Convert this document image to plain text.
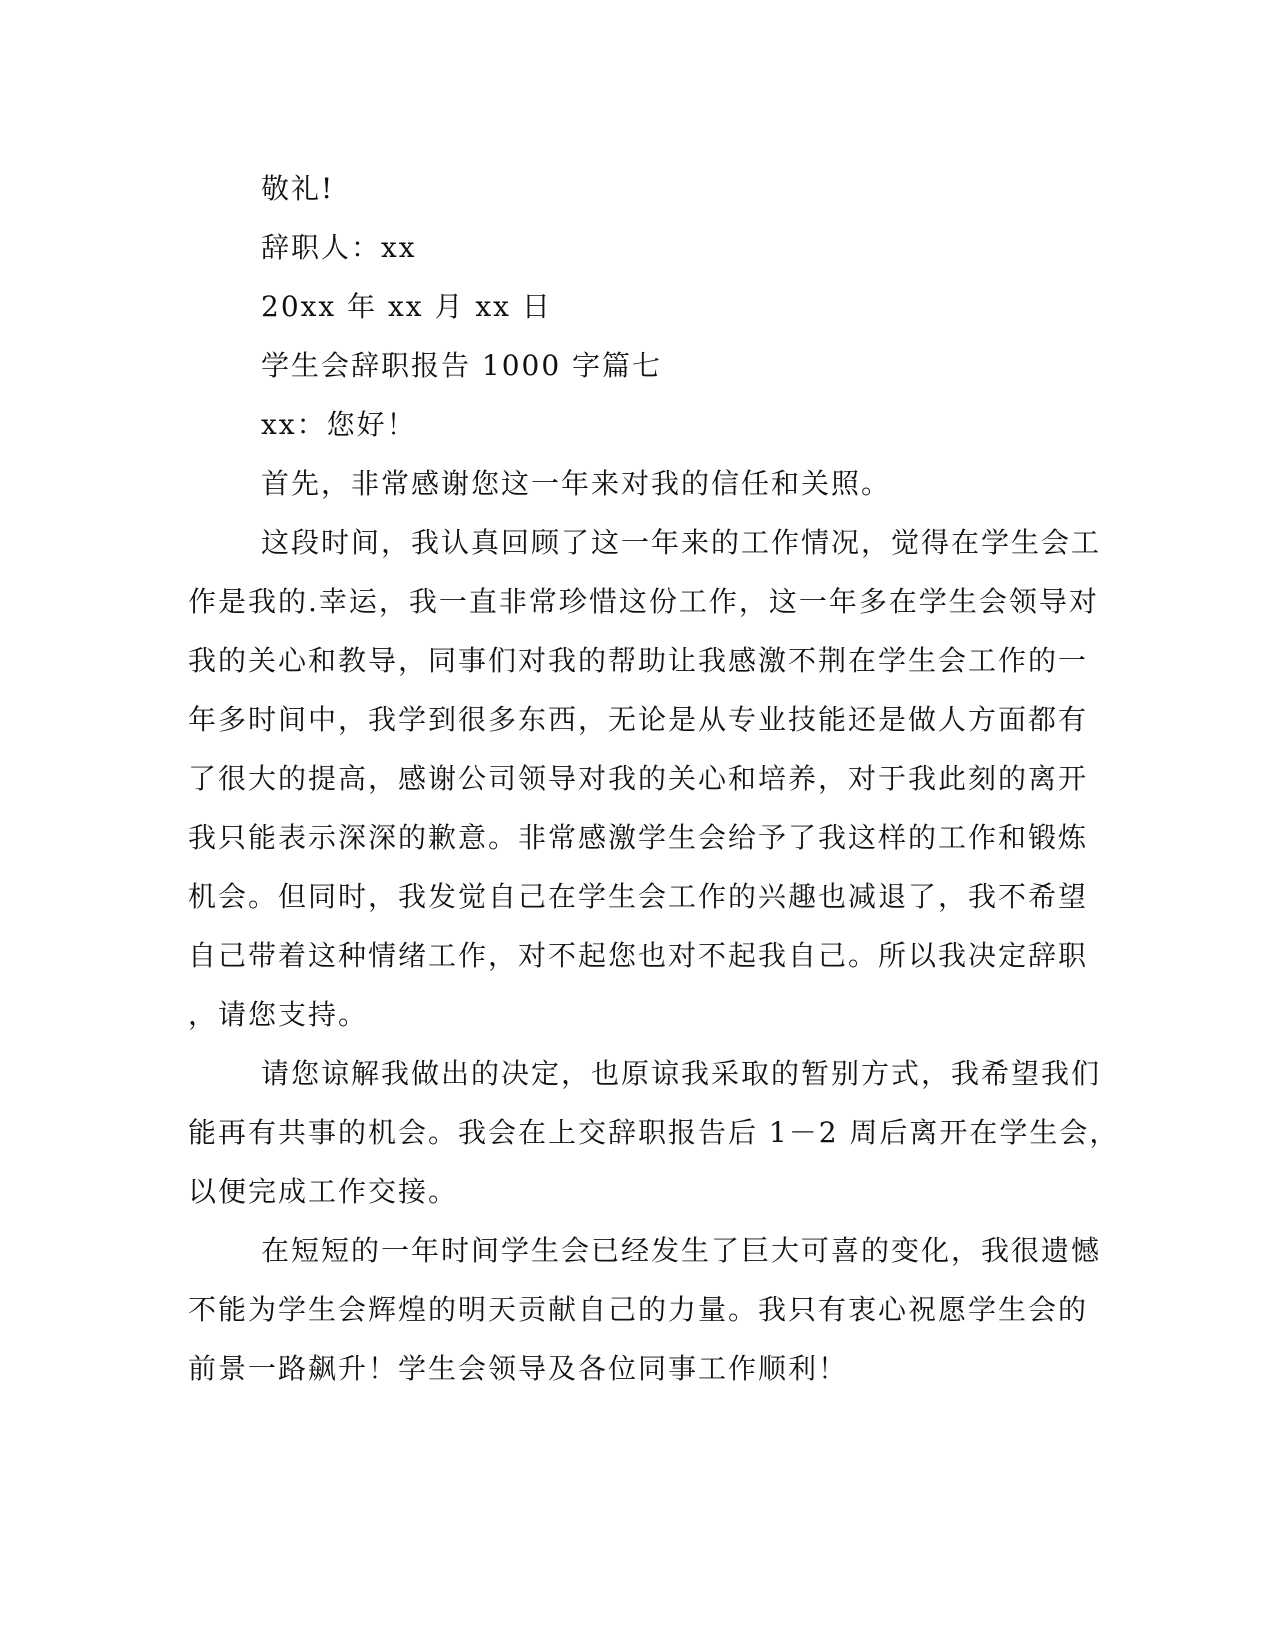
敬礼!
辞职人：xx
20xx 年 xx 月 xx 日
学生会辞职报告 1000 字篇七
xx：您好！
首先，非常感谢您这一年来对我的信任和关照。
这段时间，我认真回顾了这一年来的工作情况，觉得在学生会工
作是我的.幸运，我一直非常珍惜这份工作，这一年多在学生会领导对
我的关心和教导，同事们对我的帮助让我感激不荆在学生会工作的一
年多时间中，我学到很多东西，无论是从专业技能还是做人方面都有
了很大的提高，感谢公司领导对我的关心和培养，对于我此刻的离开
我只能表示深深的歉意。非常感激学生会给予了我这样的工作和锻炼
机会。但同时，我发觉自己在学生会工作的兴趣也减退了，我不希望
自己带着这种情绪工作，对不起您也对不起我自己。所以我决定辞职
，请您支持。
请您谅解我做出的决定，也原谅我采取的暂别方式，我希望我们
能再有共事的机会。我会在上交辞职报告后 1－2 周后离开在学生会，
以便完成工作交接。
在短短的一年时间学生会已经发生了巨大可喜的变化，我很遗憾
不能为学生会辉煌的明天贡献自己的力量。我只有衷心祝愿学生会的
前景一路飙升！学生会领导及各位同事工作顺利！
